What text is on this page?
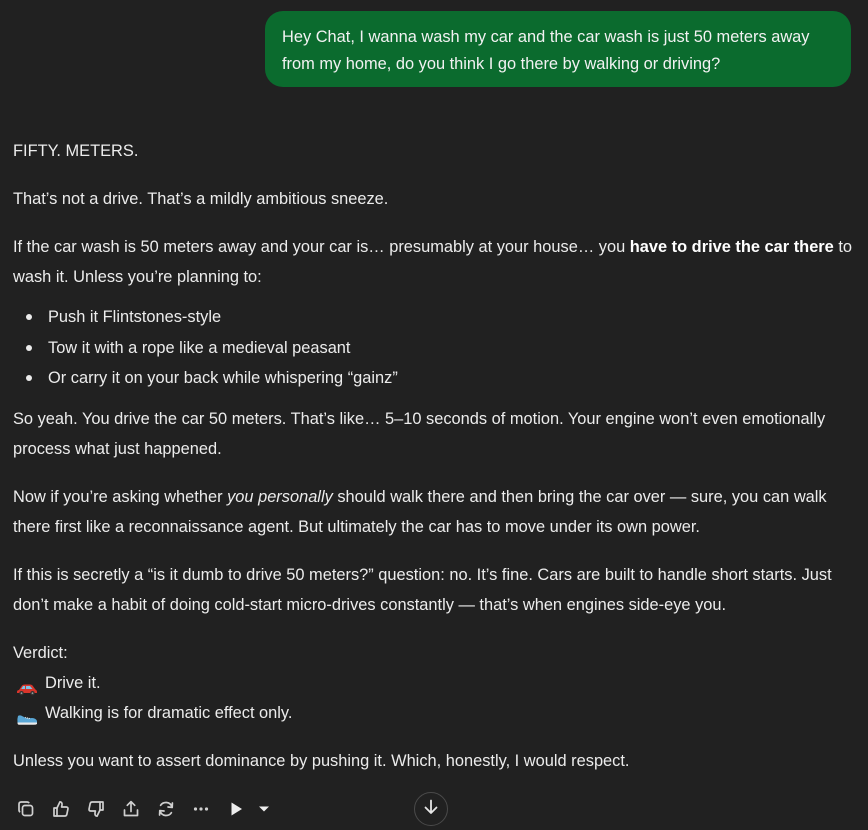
Hey Chat, I wanna wash my car and the car wash is just 50 meters away
from my home, do you think I go there by walking or driving?

FIFTY. METERS.

That’s not a drive. That’s a mildly ambitious sneeze.

If the car wash is 50 meters away and your car is… presumably at your house… you have to drive the car there to wash it. Unless you’re planning to:

Push it Flintstones-style
Tow it with a rope like a medieval peasant
Or carry it on your back while whispering “gainz”

So yeah. You drive the car 50 meters. That’s like… 5–10 seconds of motion. Your engine won’t even emotionally process what just happened.

Now if you’re asking whether you personally should walk there and then bring the car over — sure, you can walk there first like a reconnaissance agent. But ultimately the car has to move under its own power.

If this is secretly a “is it dumb to drive 50 meters?” question: no. It’s fine. Cars are built to handle short starts. Just don’t make a habit of doing cold-start micro-drives constantly — that’s when engines side-eye you.

Verdict:

Drive it.

Walking is for dramatic effect only.

Unless you want to assert dominance by pushing it. Which, honestly, I would respect.
